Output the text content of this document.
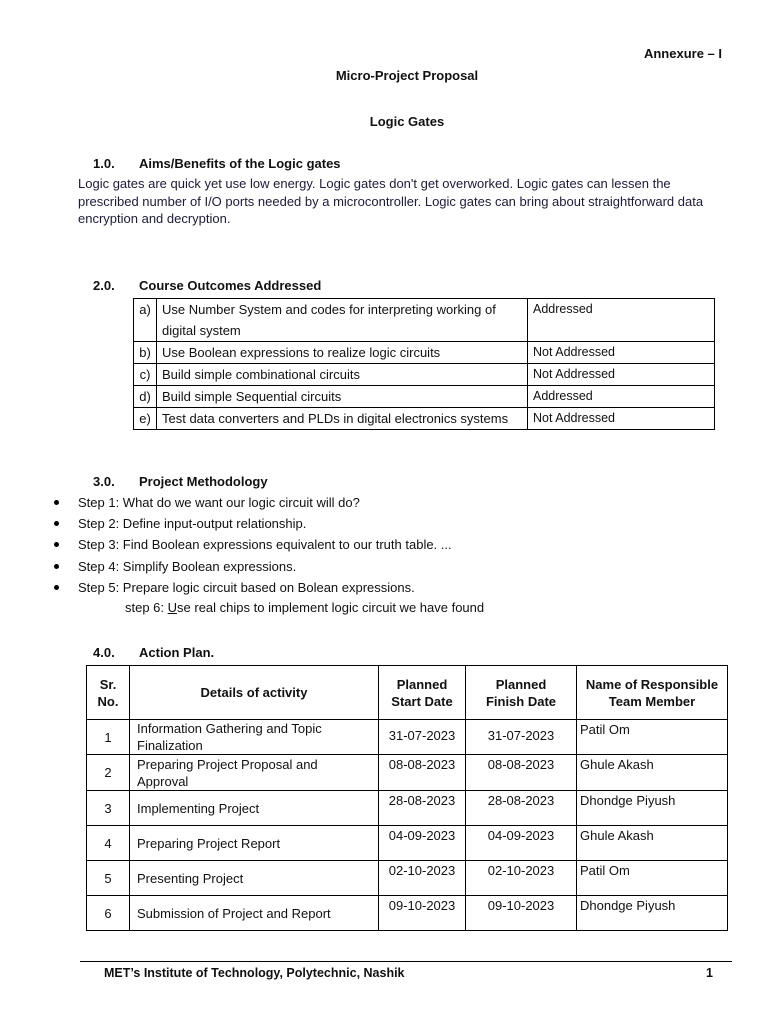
Annexure – I
Micro-Project Proposal
Logic Gates
1.0. Aims/Benefits of the Logic gates
Logic gates are quick yet use low energy. Logic gates don't get overworked. Logic gates can lessen the prescribed number of I/O ports needed by a microcontroller. Logic gates can bring about straightforward data encryption and decryption.
2.0. Course Outcomes Addressed
a)	Use Number System and codes for interpreting working of digital system	Addressed
b)	Use Boolean expressions to realize logic circuits	Not Addressed
c)	Build simple combinational circuits	Not Addressed
d)	Build simple Sequential circuits	Addressed
e)	Test data converters and PLDs in digital electronics systems	Not Addressed
3.0. Project Methodology
Step 1: What do we want our logic circuit will do?
Step 2: Define input-output relationship.
Step 3: Find Boolean expressions equivalent to our truth table. ...
Step 4: Simplify Boolean expressions.
Step 5: Prepare logic circuit based on Bolean expressions.
step 6: Use real chips to implement logic circuit we have found
4.0. Action Plan.
Sr. No.	Details of activity	Planned Start Date	Planned Finish Date	Name of Responsible Team Member
1	Information Gathering and Topic Finalization	31-07-2023	31-07-2023	Patil Om
2	Preparing Project Proposal and Approval	08-08-2023	08-08-2023	Ghule Akash
3	Implementing Project	28-08-2023	28-08-2023	Dhondge Piyush
4	Preparing Project Report	04-09-2023	04-09-2023	Ghule Akash
5	Presenting Project	02-10-2023	02-10-2023	Patil Om
6	Submission of Project and Report	09-10-2023	09-10-2023	Dhondge Piyush
MET’s Institute of Technology, Polytechnic, Nashik	1
